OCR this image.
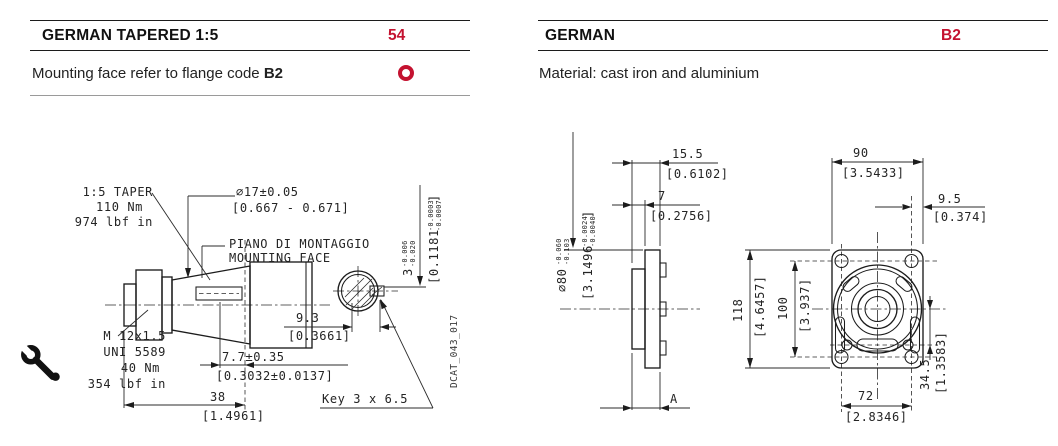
GERMAN TAPERED 1:5	54

Mounting face refer to flange code B2

GERMAN	B2

Material: cast iron and aluminium

1:5 TAPER
110 Nm
974 lbf in
⌀17±0.05
[0.667 - 0.671]
PIANO DI MONTAGGIO
MOUNTING FACE
M 12x1.5
UNI 5589
40 Nm
354 lbf in
9.3
[0.3661]
7.7±0.35
[0.3032±0.0137]
38
[1.4961]
Key 3 x 6.5
3
-0.006 -0.020 [0.1181
-0.0003 -0.0007
]
DCAT_043_017
⌀80
-0.060 -0.103 [3.1496
-0.0024 -0.0040
]
15.5
[0.6102]
7
[0.2756]
90
[3.5433]
9.5
[0.374]
118 [4.6457] 100 [3.937]
34.5 [1.3583]
72
[2.8346]
A
